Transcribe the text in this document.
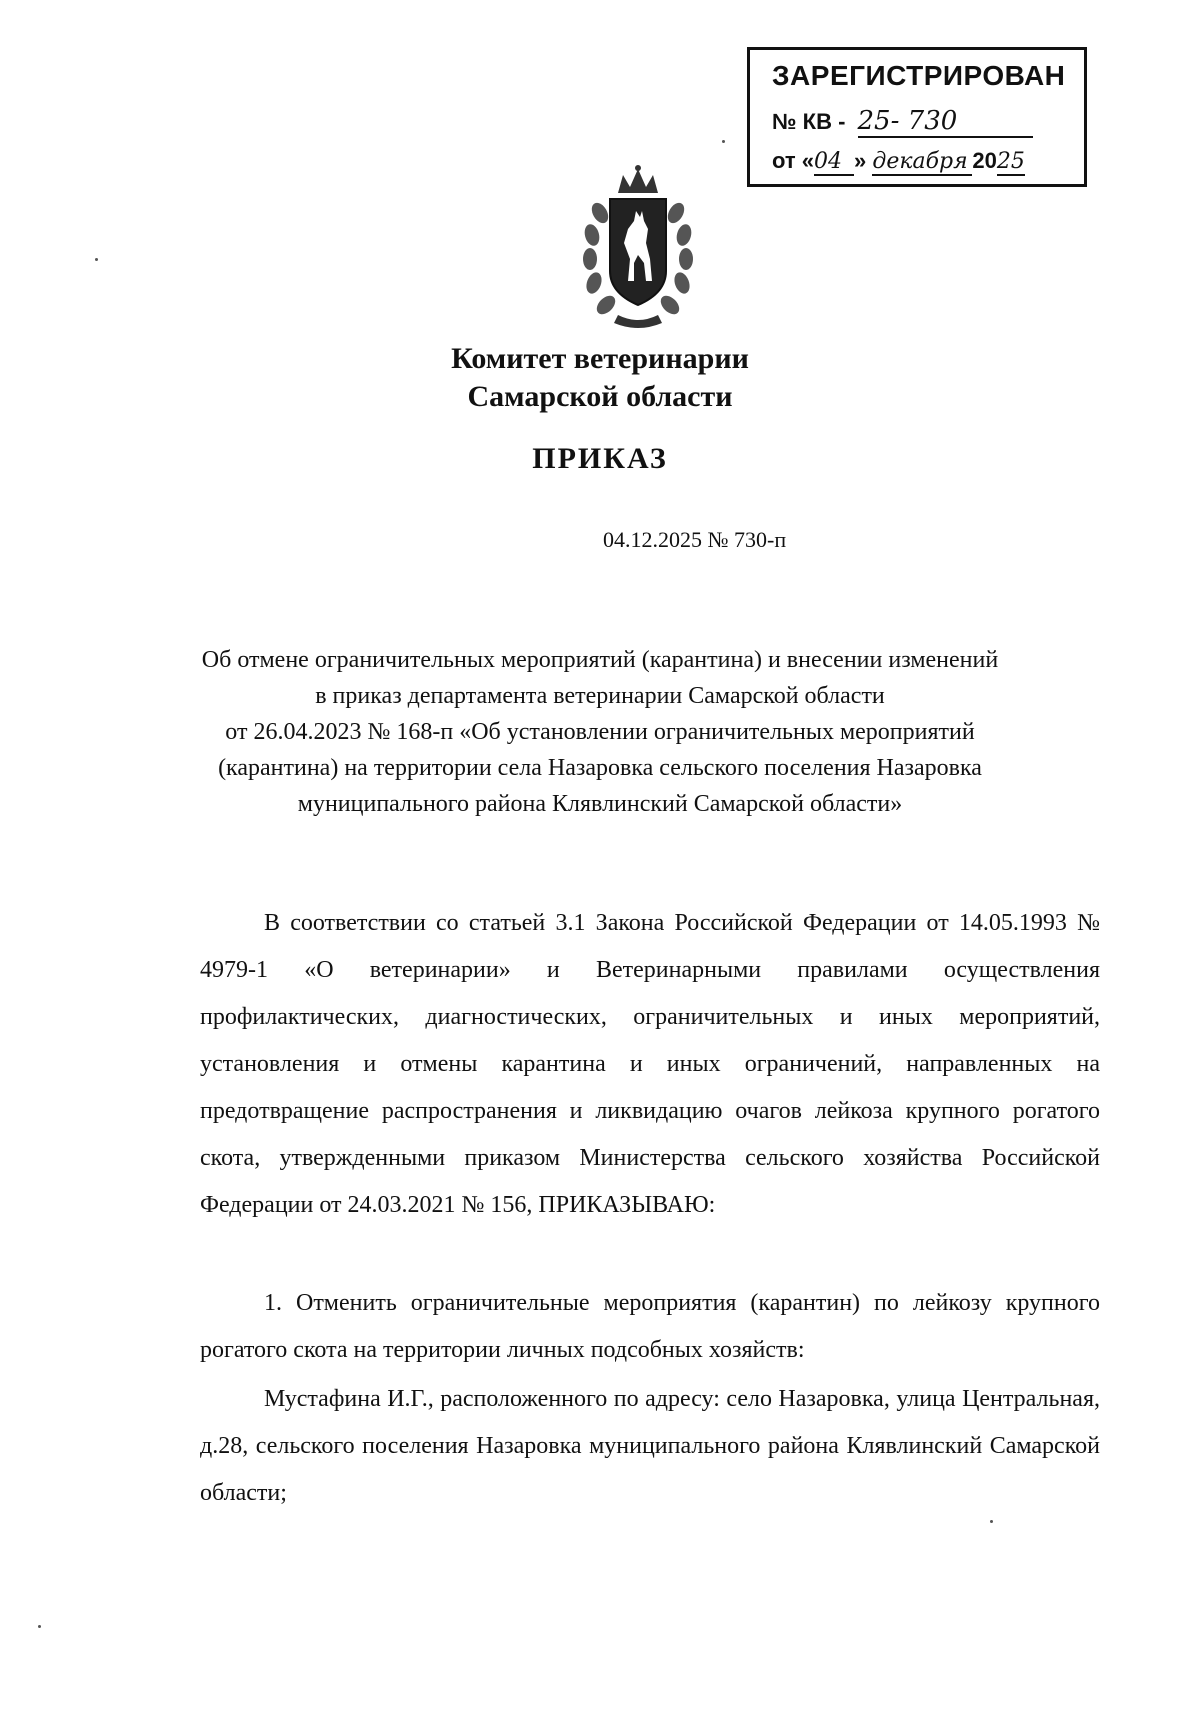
ЗАРЕГИСТРИРОВАН
№ КВ - 25- 730
от «04 » декабря 2025
Комитет ветеринарии
Самарской области
ПРИКАЗ
04.12.2025 № 730-п
Об отмене ограничительных мероприятий (карантина) и внесении изменений
в приказ департамента ветеринарии Самарской области
от 26.04.2023 № 168-п «Об установлении ограничительных мероприятий
(карантина) на территории села Назаровка сельского поселения Назаровка
муниципального района Клявлинский Самарской области»
В соответствии со статьей 3.1 Закона Российской Федерации от 14.05.1993 № 4979-1 «О ветеринарии» и Ветеринарными правилами осуществления профилактических, диагностических, ограничительных и иных мероприятий, установления и отмены карантина и иных ограничений, направленных на предотвращение распространения и ликвидацию очагов лейкоза крупного рогатого скота, утвержденными приказом Министерства сельского хозяйства Российской Федерации от 24.03.2021 № 156, ПРИКАЗЫВАЮ:
1. Отменить ограничительные мероприятия (карантин) по лейкозу крупного рогатого скота на территории личных подсобных хозяйств:
Мустафина И.Г., расположенного по адресу: село Назаровка, улица Центральная, д.28, сельского поселения Назаровка муниципального района Клявлинский Самарской области;
